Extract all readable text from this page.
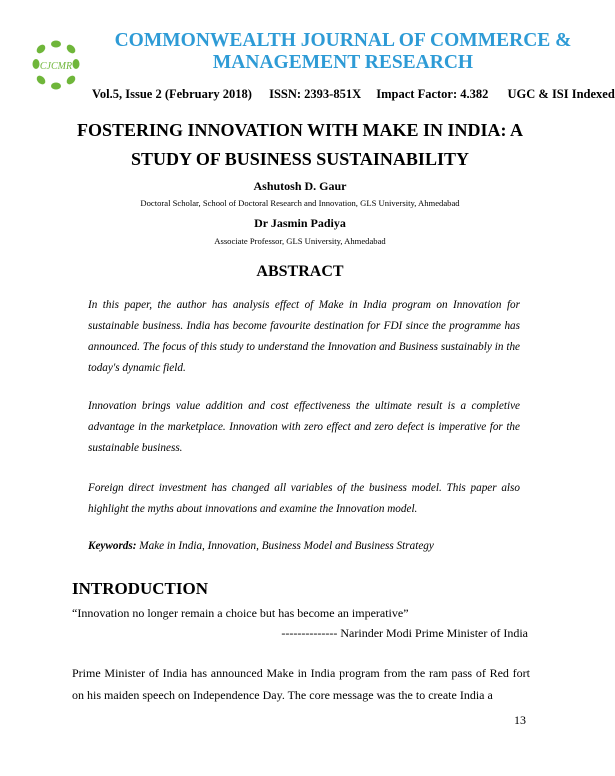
CJCMR
COMMONWEALTH JOURNAL OF COMMERCE &
MANAGEMENT RESEARCH
Vol.5, Issue 2 (February 2018) ISSN: 2393-851X Impact Factor: 4.382 UGC & ISI Indexed
FOSTERING INNOVATION WITH MAKE IN INDIA: A
STUDY OF BUSINESS SUSTAINABILITY
Ashutosh D. Gaur
Doctoral Scholar, School of Doctoral Research and Innovation, GLS University, Ahmedabad
Dr Jasmin Padiya
Associate Professor, GLS University, Ahmedabad
ABSTRACT
In this paper, the author has analysis effect of Make in India program on Innovation for sustainable business. India has become favourite destination for FDI since the programme has announced. The focus of this study to understand the Innovation and Business sustainably in the today's dynamic field.
Innovation brings value addition and cost effectiveness the ultimate result is a completive advantage in the marketplace. Innovation with zero effect and zero defect is imperative for the sustainable business.
Foreign direct investment has changed all variables of the business model. This paper also highlight the myths about innovations and examine the Innovation model.
Keywords: Make in India, Innovation, Business Model and Business Strategy
INTRODUCTION
“Innovation no longer remain a choice but has become an imperative”
-------------- Narinder Modi Prime Minister of India
Prime Minister of India has announced Make in India program from the ram pass of Red fort on his maiden speech on Independence Day. The core message was the to create India a
13
